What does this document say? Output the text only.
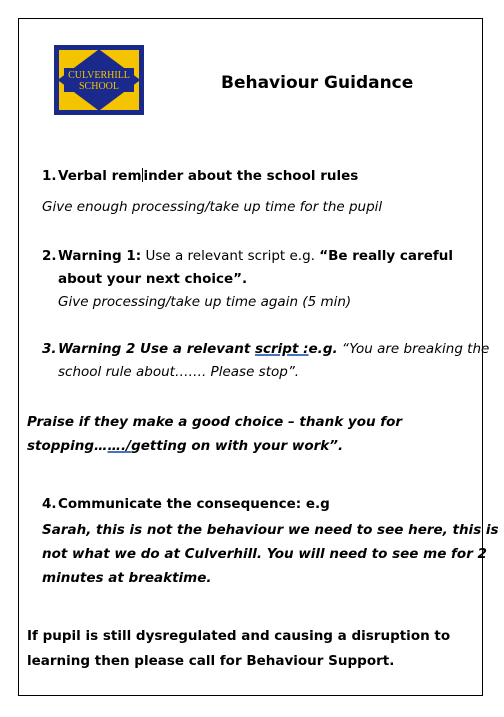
CULVERHILL
SCHOOL	Behaviour Guidance
1.Verbal rem inder about the school rules
Give enough processing/take up time for the pupil
2.Warning 1: Use a relevant script e.g. “Be really careful
about your next choice”.
Give processing/take up time again (5 min)
3.Warning 2 Use a relevant script :e.g. “You are breaking the
school rule about……. Please stop”.
Praise if they make a good choice – thank you for
stopping……./getting on with your work”.
4.Communicate the consequence: e.g
Sarah, this is not the behaviour we need to see here, this is
not what we do at Culverhill. You will need to see me for 2
minutes at breaktime.
If pupil is still dysregulated and causing a disruption to
learning then please call for Behaviour Support.
